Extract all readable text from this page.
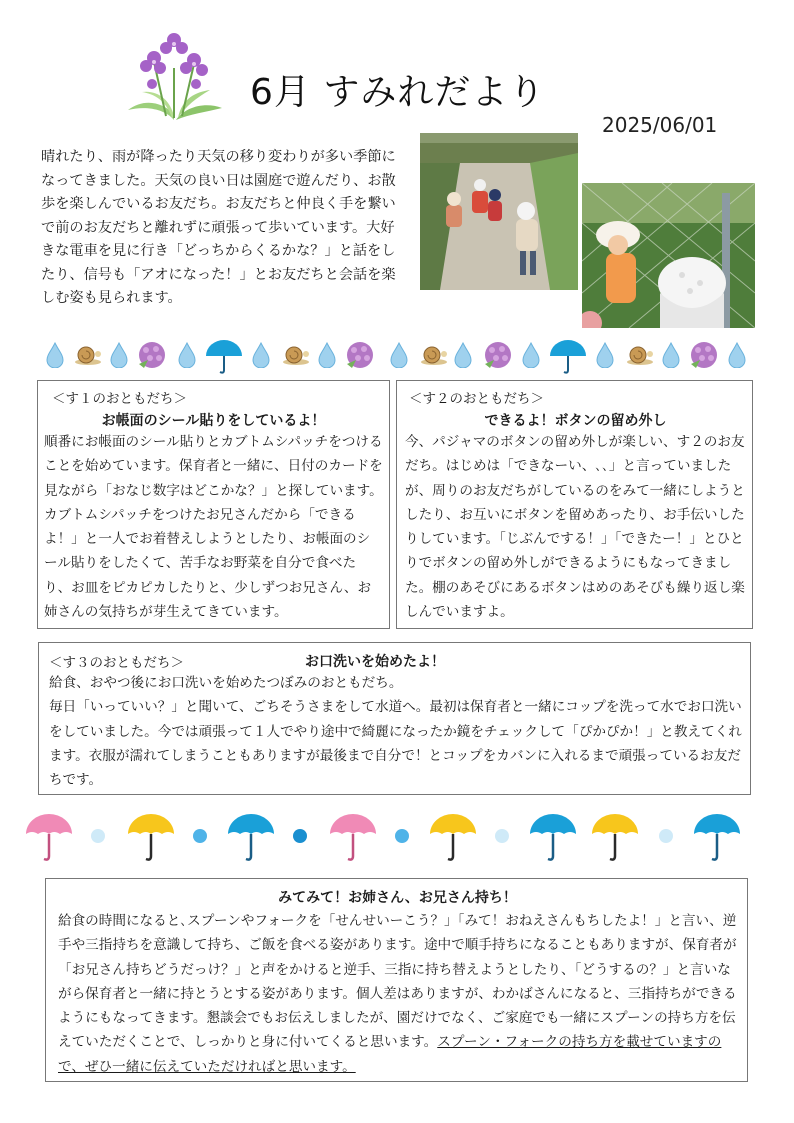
6月 すみれだより
2025/06/01

晴れたり、雨が降ったり天気の移り変わりが多い季節になってきました。天気の良い日は園庭で遊んだり、お散歩を楽しんでいるお友だち。お友だちと仲良く手を繋いで前のお友だちと離れずに頑張って歩いています。大好きな電車を見に行き「どっちからくるかな？」と話をしたり、信号も「アオになった！」とお友だちと会話を楽しむ姿も見られます。

＜す１のおともだち＞

お帳面のシール貼りをしているよ！

順番にお帳面のシール貼りとカブトムシパッチをつけることを始めています。保育者と一緒に、日付のカードを見ながら「おなじ数字はどこかな？」と探しています。カブトムシパッチをつけたお兄さんだから「できるよ！」と一人でお着替えしようとしたり、お帳面のシール貼りをしたくて、苦手なお野菜を自分で食べたり、お皿をピカピカしたりと、少しずつお兄さん、お姉さんの気持ちが芽生えてきています。

＜す２のおともだち＞

できるよ！ボタンの留め外し

今、パジャマのボタンの留め外しが楽しい、す２のお友だち。はじめは「できなーい、､､」と言っていましたが、周りのお友だちがしているのをみて一緒にしようとしたり、お互いにボタンを留めあったり、お手伝いしたりしています。「じぶんでする！」「できたー！」とひとりでボタンの留め外しができるようにもなってきました。棚のあそびにあるボタンはめのあそびも繰り返し楽しんでいますよ。

＜す３のおともだち＞	お口洗いを始めたよ！

給食、おやつ後にお口洗いを始めたつぼみのおともだち。

毎日「いっていい？」と聞いて、ごちそうさまをして水道へ。最初は保育者と一緒にコップを洗って水でお口洗いをしていました。今では頑張って１人でやり途中で綺麗になったか鏡をチェックして「ぴかぴか！」と教えてくれます。衣服が濡れてしまうこともありますが最後まで自分で！とコップをカバンに入れるまで頑張っているお友だちです。

みてみて！お姉さん、お兄さん持ち！

給食の時間になると､スプーンやフォークを「せんせいーこう？」｢みて！おねえさんもちしたよ！」と言い、逆手や三指持ちを意識して持ち、ご飯を食べる姿があります。途中で順手持ちになることもありますが、保育者が「お兄さん持ちどうだっけ？」と声をかけると逆手、三指に持ち替えようとしたり、「どうするの？」と言いながら保育者と一緒に持とうとする姿があります。個人差はありますが、わかばさんになると、三指持ちができるようにもなってきます。懇談会でもお伝えしましたが、園だけでなく、ご家庭でも一緒にスプーンの持ち方を伝えていただくことで、しっかりと身に付いてくると思います。スプーン・フォークの持ち方を載せていますので、ぜひ一緒に伝えていただければと思います。
